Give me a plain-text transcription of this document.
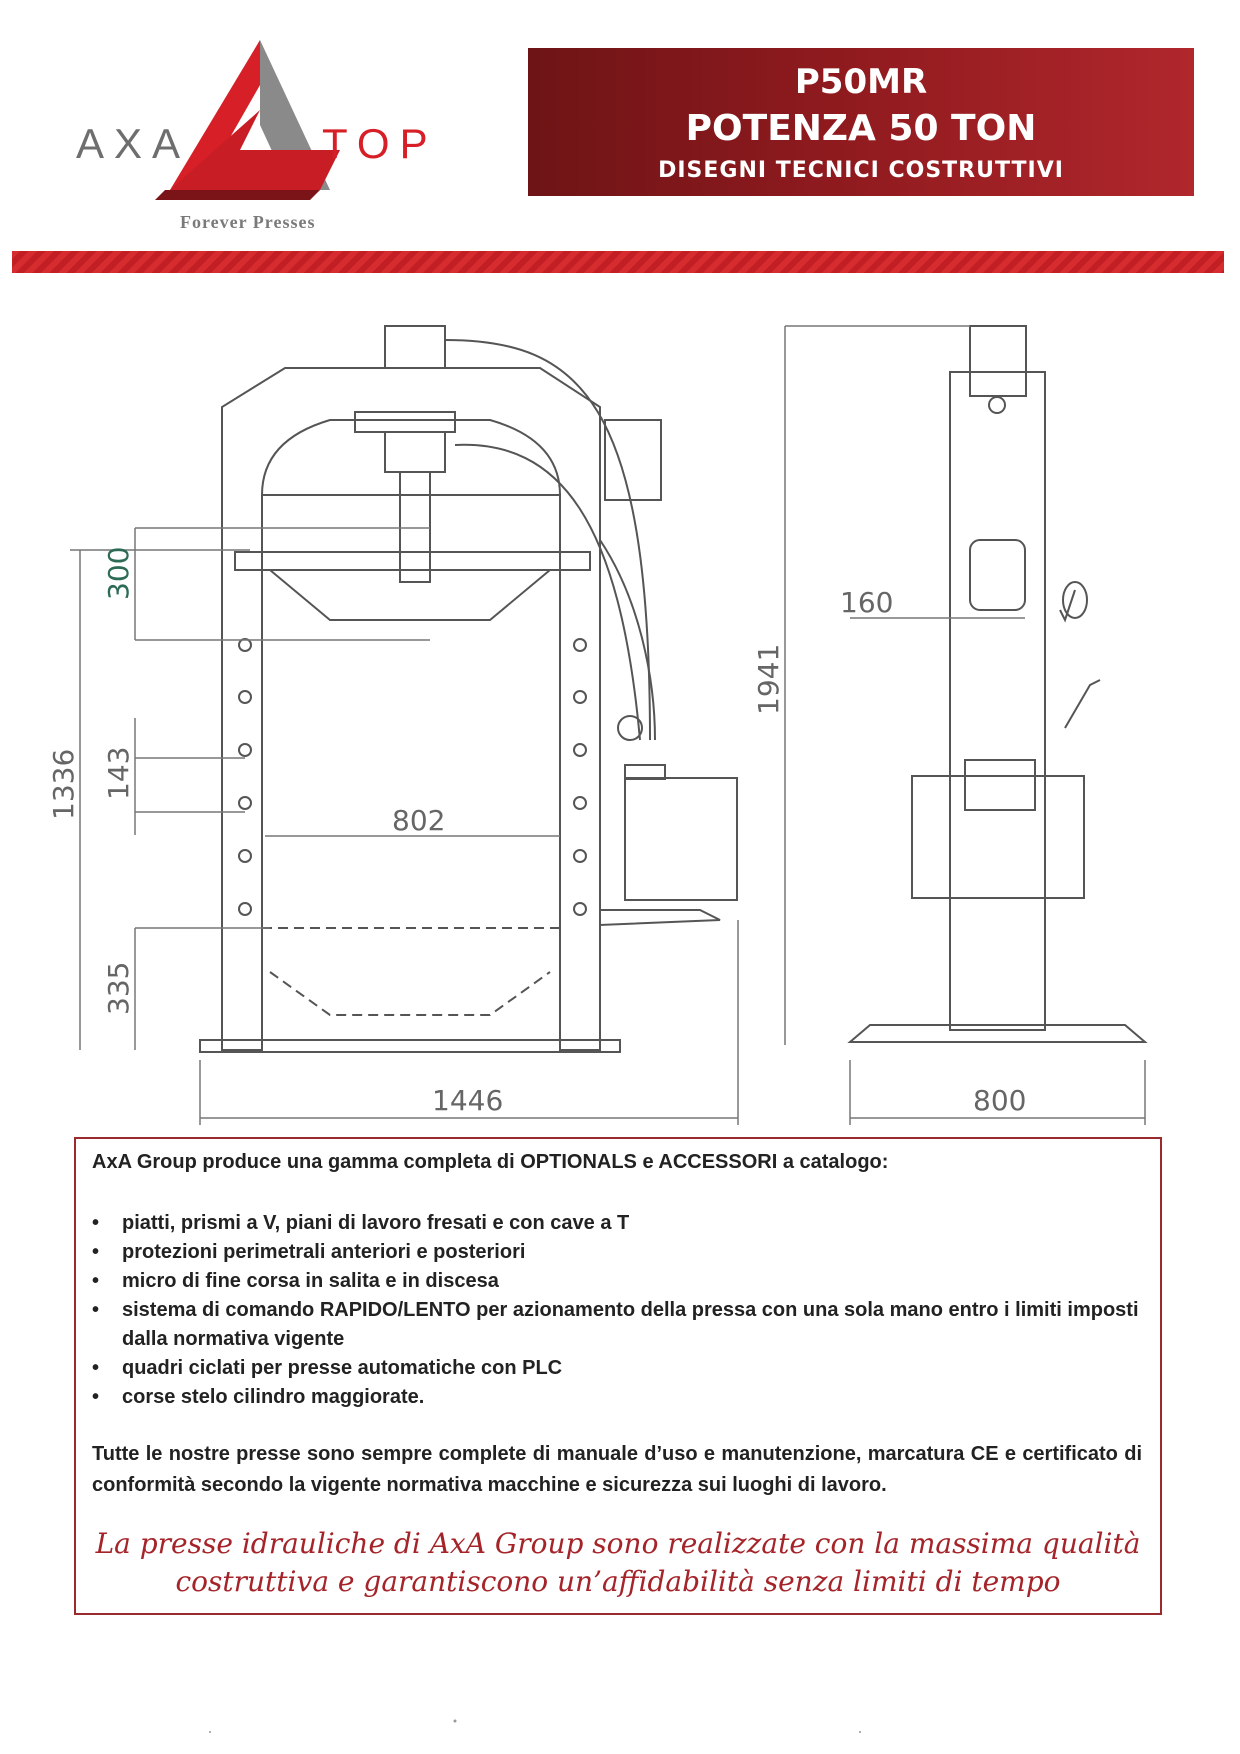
AXA	TOP
Forever Presses
P50MR
POTENZA 50 TON
DISEGNI TECNICI COSTRUTTIVI
300
1336 143
802
335
1446
1941
160
800
AxA Group produce una gamma completa di OPTIONALS e ACCESSORI a catalogo:
• piatti, prismi a V, piani di lavoro fresati e con cave a T
• protezioni perimetrali anteriori e posteriori
• micro di fine corsa in salita e in discesa
• sistema di comando RAPIDO/LENTO per azionamento della pressa con una sola mano entro i limiti imposti dalla normativa vigente
• quadri ciclati per presse automatiche con PLC
• corse stelo cilindro maggiorate.
Tutte le nostre presse sono sempre complete di manuale d’uso e manutenzione, marcatura CE e certificato di conformità secondo la vigente normativa macchine e sicurezza sui luoghi di lavoro.
La presse idrauliche di AxA Group sono realizzate con la massima qualità
costruttiva e garantiscono un’affidabilità senza limiti di tempo
